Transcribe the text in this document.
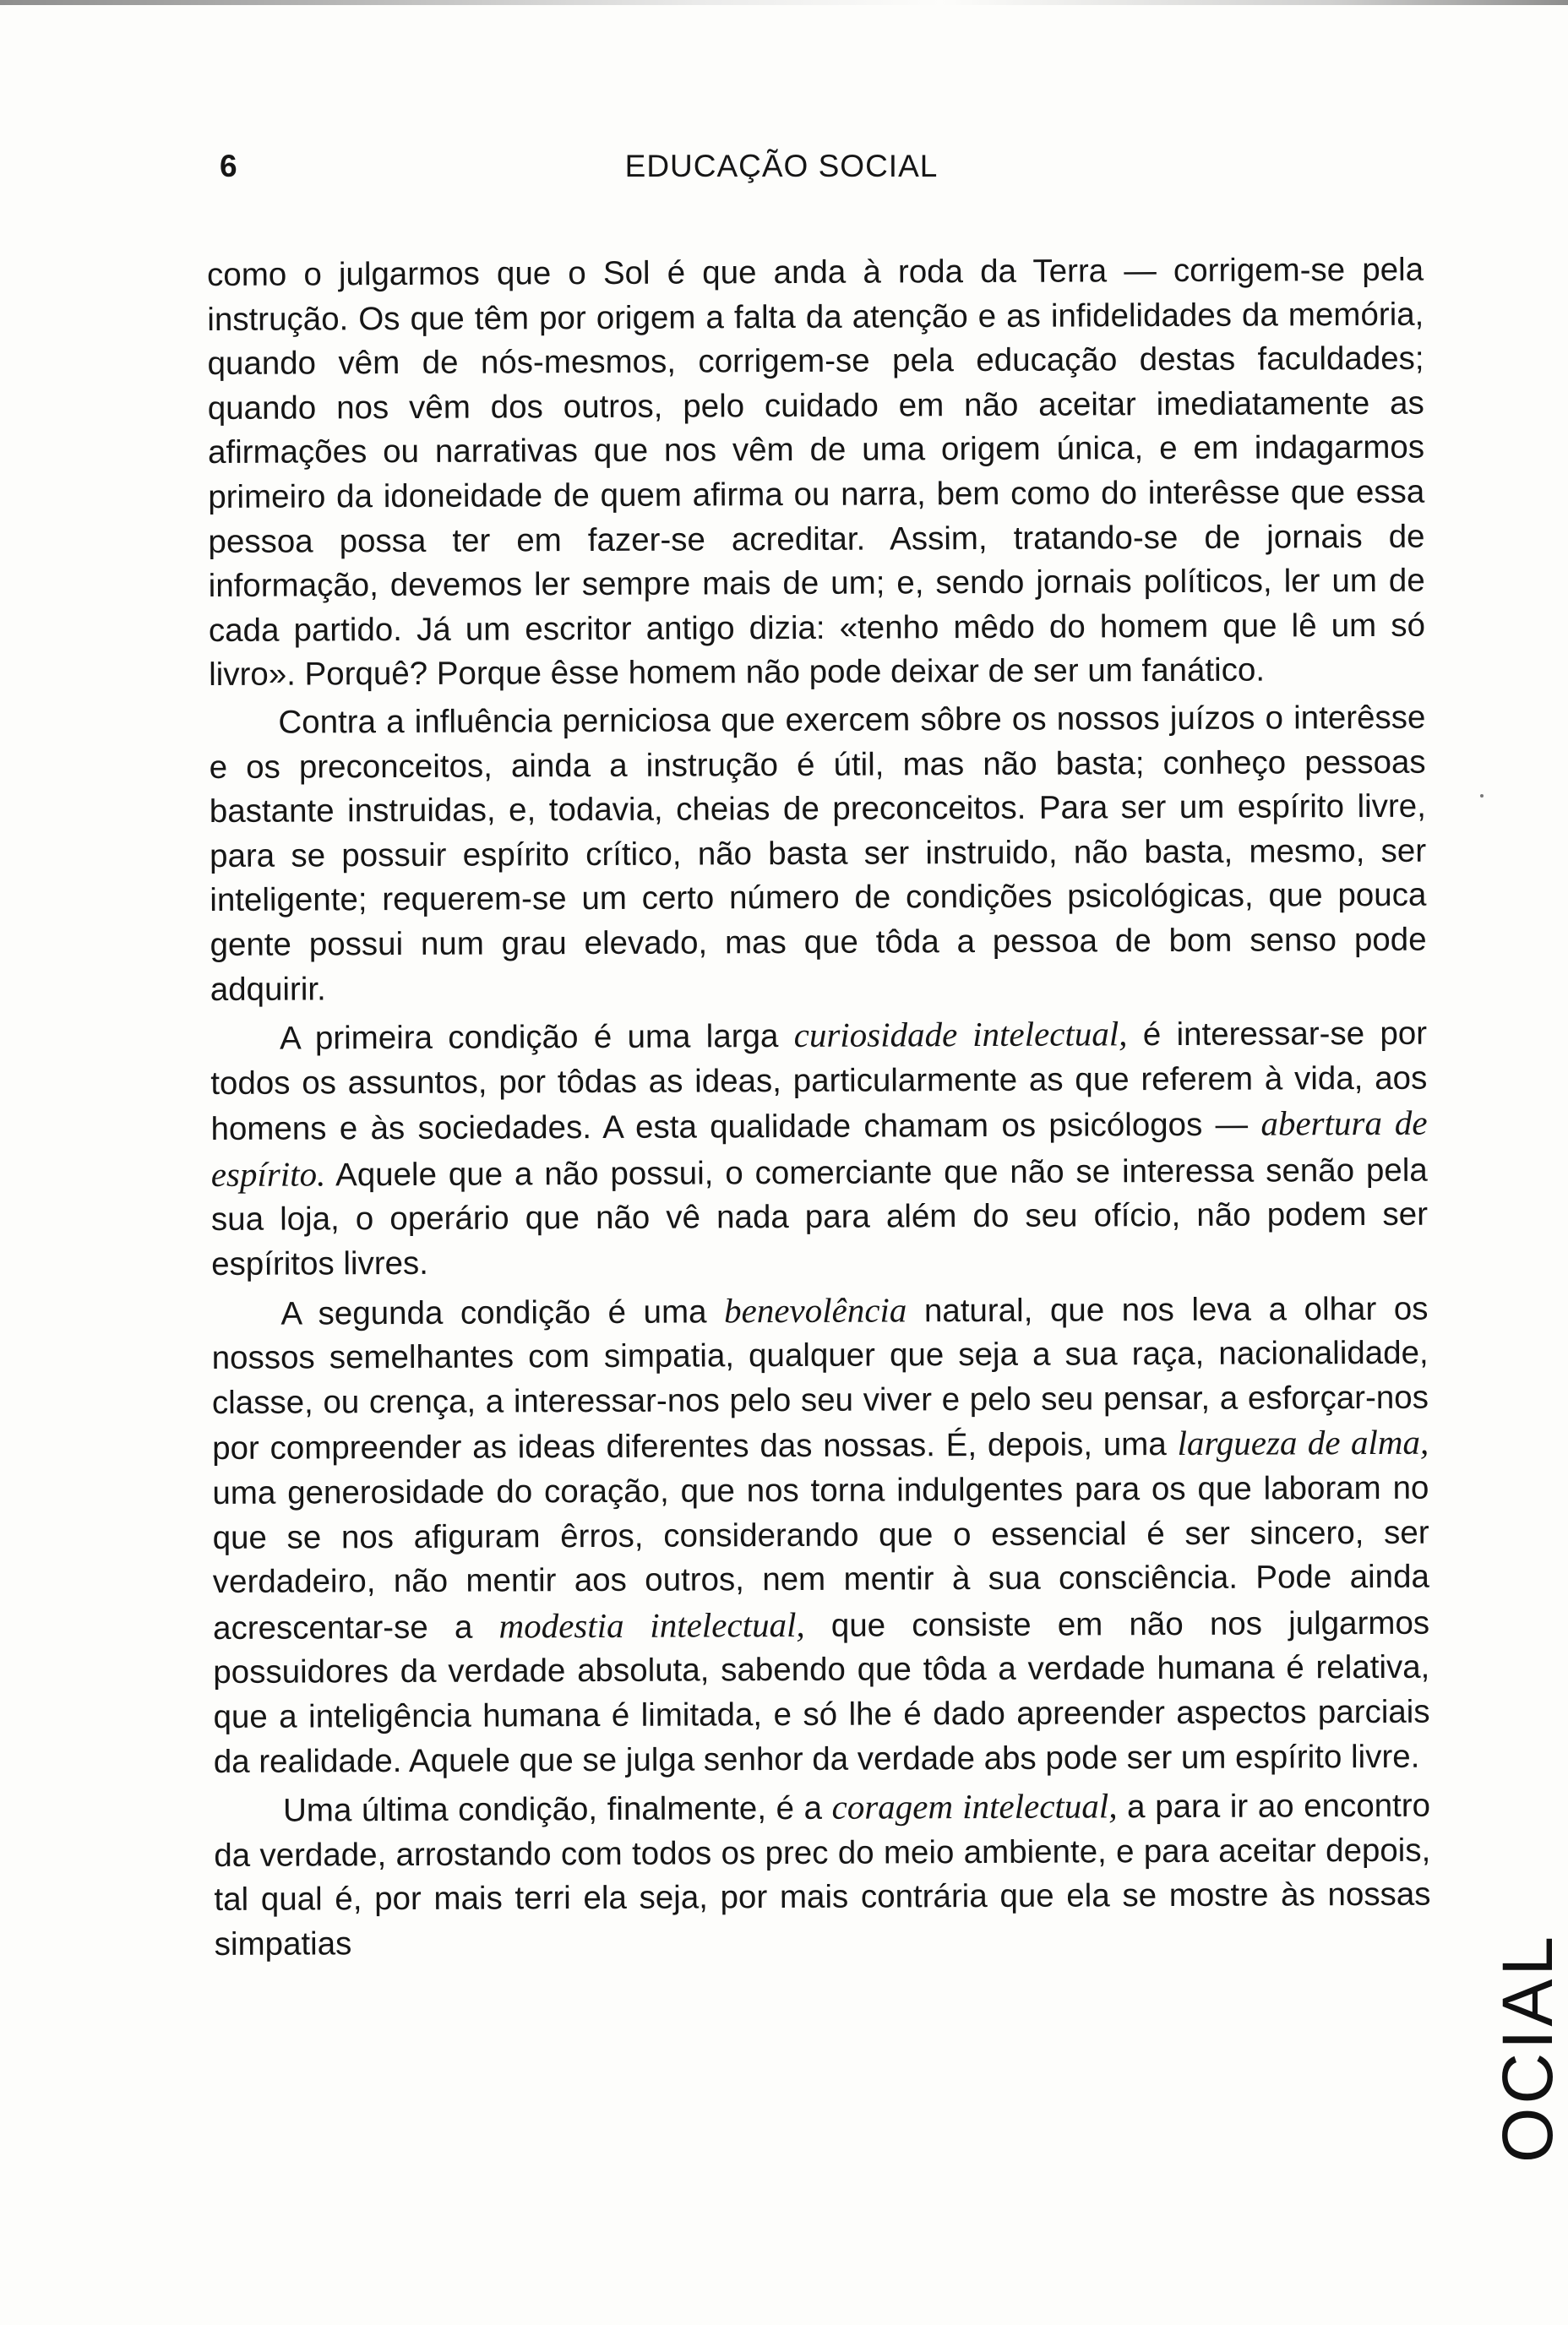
6	EDUCAÇÃO SOCIAL

como o julgarmos que o Sol é que anda à roda da Terra — corrigem-se pela instrução. Os que têm por origem a falta da atenção e as infidelidades da memória, quando vêm de nós-mesmos, corrigem-se pela educação destas faculdades; quando nos vêm dos outros, pelo cuidado em não aceitar imediatamente as afirmações ou narrativas que nos vêm de uma origem única, e em indagarmos primeiro da idoneidade de quem afirma ou narra, bem como do interêsse que essa pessoa possa ter em fazer-se acreditar. Assim, tratando-se de jornais de informação, devemos ler sempre mais de um; e, sendo jornais políticos, ler um de cada partido. Já um escritor antigo dizia: «tenho mêdo do homem que lê um só livro». Porquê? Porque êsse homem não pode deixar de ser um fanático.

Contra a influência perniciosa que exercem sôbre os nossos juízos o interêsse e os preconceitos, ainda a instrução é útil, mas não basta; conheço pessoas bastante instruidas, e, todavia, cheias de preconceitos. Para ser um espírito livre, para se possuir espírito crítico, não basta ser instruido, não basta, mesmo, ser inteligente; requerem-se um certo número de condições psicológicas, que pouca gente possui num grau elevado, mas que tôda a pessoa de bom senso pode adquirir.

A primeira condição é uma larga curiosidade intelectual, é interessar-se por todos os assuntos, por tôdas as ideas, particularmente as que referem à vida, aos homens e às sociedades. A esta qualidade chamam os psicólogos — abertura de espírito. Aquele que a não possui, o comerciante que não se interessa senão pela sua loja, o operário que não vê nada para além do seu ofício, não podem ser espíritos livres.

A segunda condição é uma benevolência natural, que nos leva a olhar os nossos semelhantes com simpatia, qualquer que seja a sua raça, nacionalidade, classe, ou crença, a interessar-nos pelo seu viver e pelo seu pensar, a esforçar-nos por compreender as ideas diferentes das nossas. É, depois, uma largueza de alma, uma generosidade do coração, que nos torna indulgentes para os que laboram no que se nos afiguram êrros, considerando que o essencial é ser sincero, ser verdadeiro, não mentir aos outros, nem mentir à sua consciência. Pode ainda acrescentar-se a modestia intelectual, que consiste em não nos julgarmos possuidores da verdade absoluta, sabendo que tôda a verdade humana é relativa, que a inteligência humana é limitada, e só lhe é dado apreender aspectos parciais da realidade. Aquele que se julga senhor da verdade abs pode ser um espírito livre.

Uma última condição, finalmente, é a coragem intelectual, a para ir ao encontro da verdade, arrostando com todos os prec do meio ambiente, e para aceitar depois, tal qual é, por mais terri ela seja, por mais contrária que ela se mostre às nossas simpatias	OCIAL
